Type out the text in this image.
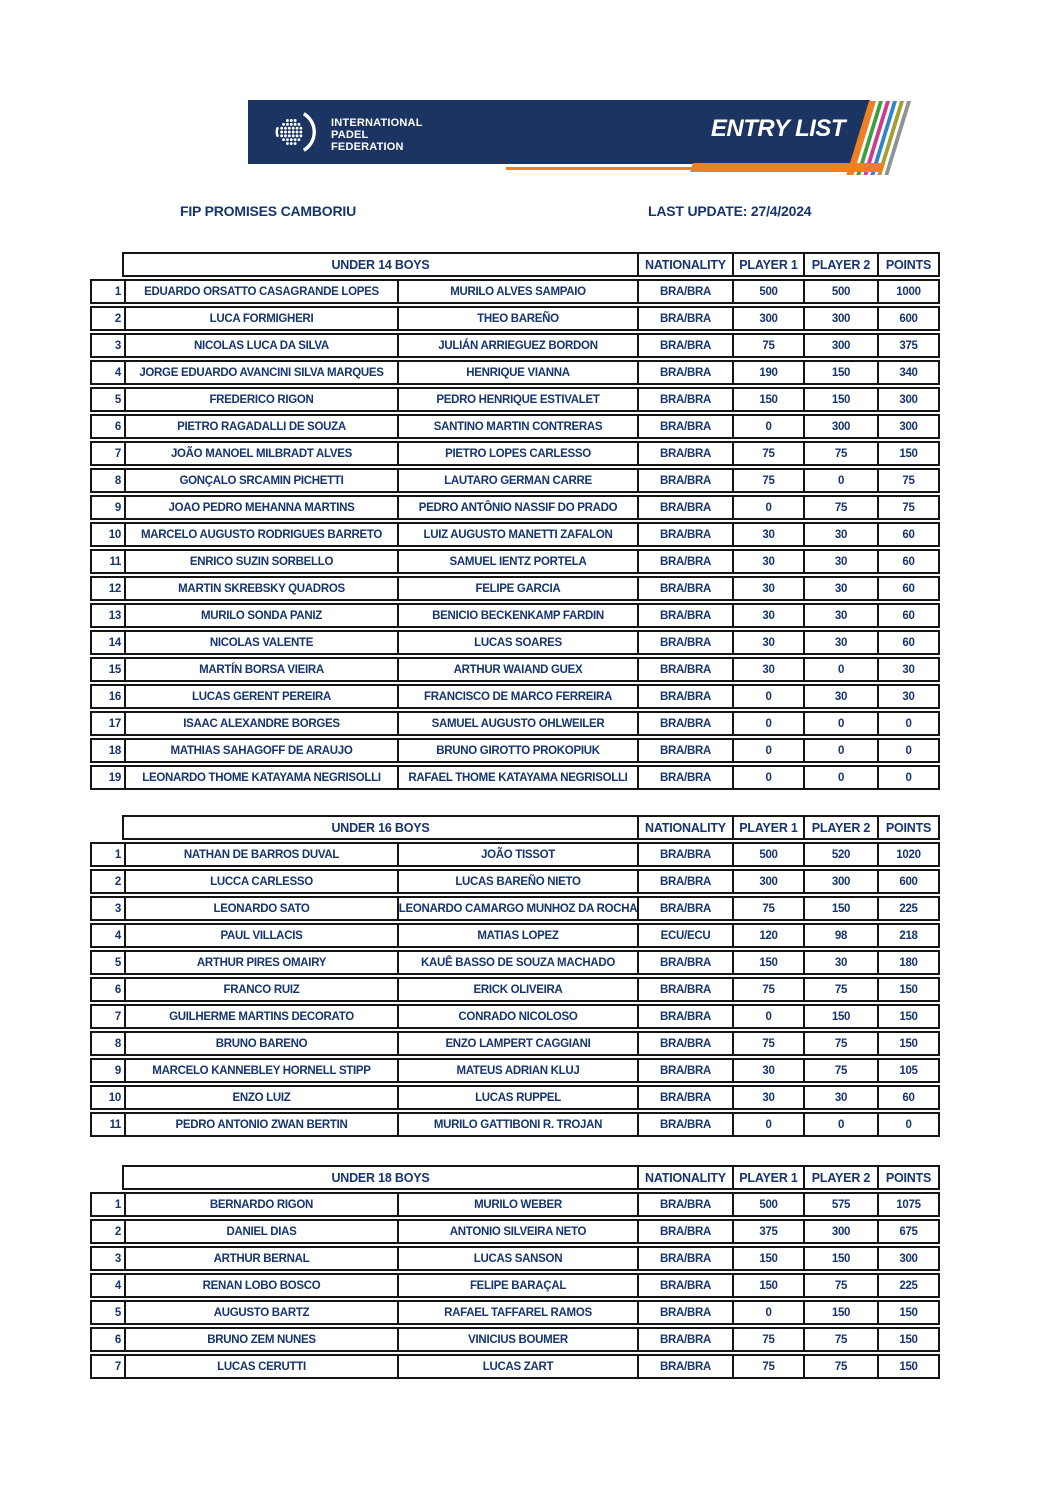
INTERNATIONAL
PADEL
FEDERATION
ENTRY LIST
FIP PROMISES CAMBORIU	LAST UPDATE: 27/4/2024
UNDER 14 BOYS	NATIONALITY	PLAYER 1	PLAYER 2	POINTS
1	EDUARDO ORSATTO CASAGRANDE LOPES	MURILO ALVES SAMPAIO	BRA/BRA	500	500	1000
2	LUCA FORMIGHERI	THEO BAREÑO	BRA/BRA	300	300	600
3	NICOLAS LUCA DA SILVA	JULIÁN ARRIEGUEZ BORDON	BRA/BRA	75	300	375
4	JORGE EDUARDO AVANCINI SILVA MARQUES	HENRIQUE VIANNA	BRA/BRA	190	150	340
5	FREDERICO RIGON	PEDRO HENRIQUE ESTIVALET	BRA/BRA	150	150	300
6	PIETRO RAGADALLI DE SOUZA	SANTINO MARTIN CONTRERAS	BRA/BRA	0	300	300
7	JOÃO MANOEL MILBRADT ALVES	PIETRO LOPES CARLESSO	BRA/BRA	75	75	150
8	GONÇALO SRCAMIN PICHETTI	LAUTARO GERMAN CARRE	BRA/BRA	75	0	75
9	JOAO PEDRO MEHANNA MARTINS	PEDRO ANTÔNIO NASSIF DO PRADO	BRA/BRA	0	75	75
10	MARCELO AUGUSTO RODRIGUES BARRETO	LUIZ AUGUSTO MANETTI ZAFALON	BRA/BRA	30	30	60
11	ENRICO SUZIN SORBELLO	SAMUEL IENTZ PORTELA	BRA/BRA	30	30	60
12	MARTIN SKREBSKY QUADROS	FELIPE GARCIA	BRA/BRA	30	30	60
13	MURILO SONDA PANIZ	BENICIO BECKENKAMP FARDIN	BRA/BRA	30	30	60
14	NICOLAS VALENTE	LUCAS SOARES	BRA/BRA	30	30	60
15	MARTÍN BORSA VIEIRA	ARTHUR WAIAND GUEX	BRA/BRA	30	0	30
16	LUCAS GERENT PEREIRA	FRANCISCO DE MARCO FERREIRA	BRA/BRA	0	30	30
17	ISAAC ALEXANDRE BORGES	SAMUEL AUGUSTO OHLWEILER	BRA/BRA	0	0	0
18	MATHIAS SAHAGOFF DE ARAUJO	BRUNO GIROTTO PROKOPIUK	BRA/BRA	0	0	0
19	LEONARDO THOME KATAYAMA NEGRISOLLI	RAFAEL THOME KATAYAMA NEGRISOLLI	BRA/BRA	0	0	0
UNDER 16 BOYS	NATIONALITY	PLAYER 1	PLAYER 2	POINTS
1	NATHAN DE BARROS DUVAL	JOÃO TISSOT	BRA/BRA	500	520	1020
2	LUCCA CARLESSO	LUCAS BAREÑO NIETO	BRA/BRA	300	300	600
3	LEONARDO SATO	LEONARDO CAMARGO MUNHOZ DA ROCHA	BRA/BRA	75	150	225
4	PAUL VILLACIS	MATIAS LOPEZ	ECU/ECU	120	98	218
5	ARTHUR PIRES OMAIRY	KAUÊ BASSO DE SOUZA MACHADO	BRA/BRA	150	30	180
6	FRANCO RUIZ	ERICK OLIVEIRA	BRA/BRA	75	75	150
7	GUILHERME MARTINS DECORATO	CONRADO NICOLOSO	BRA/BRA	0	150	150
8	BRUNO BARENO	ENZO LAMPERT CAGGIANI	BRA/BRA	75	75	150
9	MARCELO KANNEBLEY HORNELL STIPP	MATEUS ADRIAN KLUJ	BRA/BRA	30	75	105
10	ENZO LUIZ	LUCAS RUPPEL	BRA/BRA	30	30	60
11	PEDRO ANTONIO ZWAN BERTIN	MURILO GATTIBONI R. TROJAN	BRA/BRA	0	0	0
UNDER 18 BOYS	NATIONALITY	PLAYER 1	PLAYER 2	POINTS
1	BERNARDO RIGON	MURILO WEBER	BRA/BRA	500	575	1075
2	DANIEL DIAS	ANTONIO SILVEIRA NETO	BRA/BRA	375	300	675
3	ARTHUR BERNAL	LUCAS SANSON	BRA/BRA	150	150	300
4	RENAN LOBO BOSCO	FELIPE BARAÇAL	BRA/BRA	150	75	225
5	AUGUSTO BARTZ	RAFAEL TAFFAREL RAMOS	BRA/BRA	0	150	150
6	BRUNO ZEM NUNES	VINICIUS BOUMER	BRA/BRA	75	75	150
7	LUCAS CERUTTI	LUCAS ZART	BRA/BRA	75	75	150
